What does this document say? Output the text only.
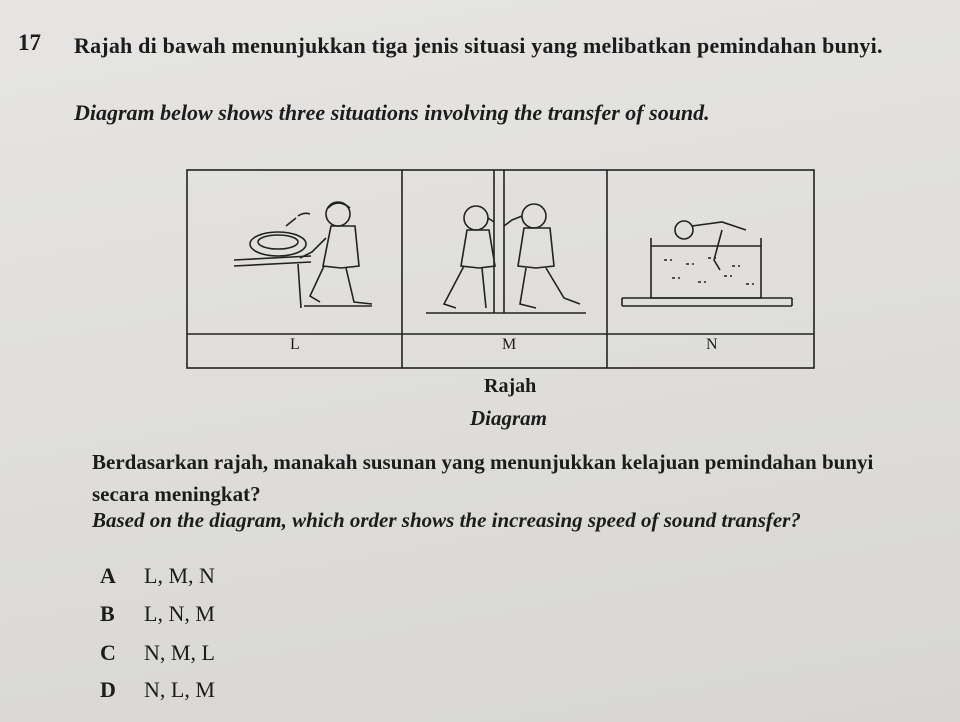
17 Rajah di bawah menunjukkan tiga jenis situasi yang melibatkan pemindahan bunyi.
Diagram below shows three situations involving the transfer of sound.
L	M	N
Rajah
Diagram
Berdasarkan rajah, manakah susunan yang menunjukkan kelajuan pemindahan bunyi secara meningkat?
Based on the diagram, which order shows the increasing speed of sound transfer?
A L, M, N
B L, N, M
C N, M, L
D N, L, M
